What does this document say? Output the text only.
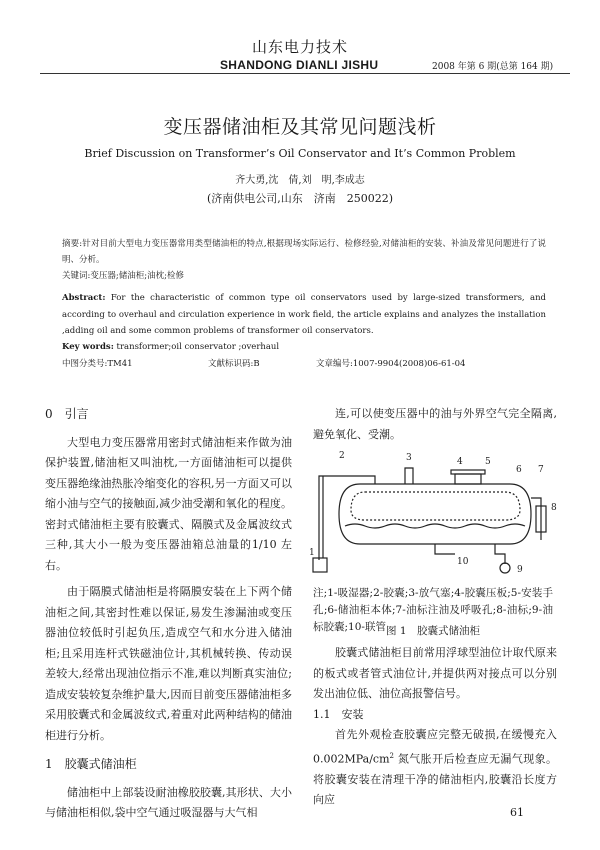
山东电力技术
SHANDONG DIANLI JISHU	2008 年第 6 期(总第 164 期)
变压器储油柜及其常见问题浅析
Brief Discussion on Transformer’s Oil Conservator and It’s Common Problem
齐大勇,沈　倩,刘　明,李成志
(济南供电公司,山东　济南　250022)
摘要:针对目前大型电力变压器常用类型储油柜的特点,根据现场实际运行、检修经验,对储油柜的安装、补油及常见问题进行了说明、分析。
关键词:变压器;储油柜;油枕;检修
Abstract: For the characteristic of common type oil conservators used by large-sized transformers, and according to overhaul and circulation experience in work field, the article explains and analyzes the installation ,adding oil and some common problems of transformer oil conservators.
Key words: transformer;oil conservator ;overhaul
中图分类号:TM41	文献标识码:B	文章编号:1007-9904(2008)06-61-04
0　引言
大型电力变压器常用密封式储油柜来作做为油保护装置,储油柜又叫油枕,一方面储油柜可以提供变压器绝缘油热胀冷缩变化的容积,另一方面又可以缩小油与空气的接触面,减少油受潮和氧化的程度。密封式储油柜主要有胶囊式、隔膜式及金属波纹式三种,其大小一般为变压器油箱总油量的1/10 左右。
由于隔膜式储油柜是将隔膜安装在上下两个储油柜之间,其密封性难以保证,易发生渗漏油或变压器油位较低时引起负压,造成空气和水分进入储油柜;且采用连杆式铁磁油位计,其机械转换、传动误差较大,经常出现油位指示不准,难以判断真实油位;造成安装较复杂维护量大,因而目前变压器储油柜多采用胶囊式和金属波纹式,着重对此两种结构的储油柜进行分析。
1　胶囊式储油柜
储油柜中上部装设耐油橡胶胶囊,其形状、大小与储油柜相似,袋中空气通过吸湿器与大气相
连,可以使变压器中的油与外界空气完全隔离,避免氧化、受潮。
1
2	3	4 5
6 7
8
9
10
注;1-吸湿器;2-胶囊;3-放气塞;4-胶囊压板;5-安装手孔;6-储油柜本体;7-油标注油及呼吸孔;8-油标;9-油标胶囊;10-联管 图 1　胶囊式储油柜
胶囊式储油柜目前常用浮球型油位计取代原来的板式或者管式油位计,并提供两对接点可以分别发出油位低、油位高报警信号。
1.1　安装
首先外观检查胶囊应完整无破损,在缓慢充入 $0.002MPa/cm^2$ 氮气胀开后检查应无漏气现象。将胶囊安装在清理干净的储油柜内,胶囊沿长度方向应
61
